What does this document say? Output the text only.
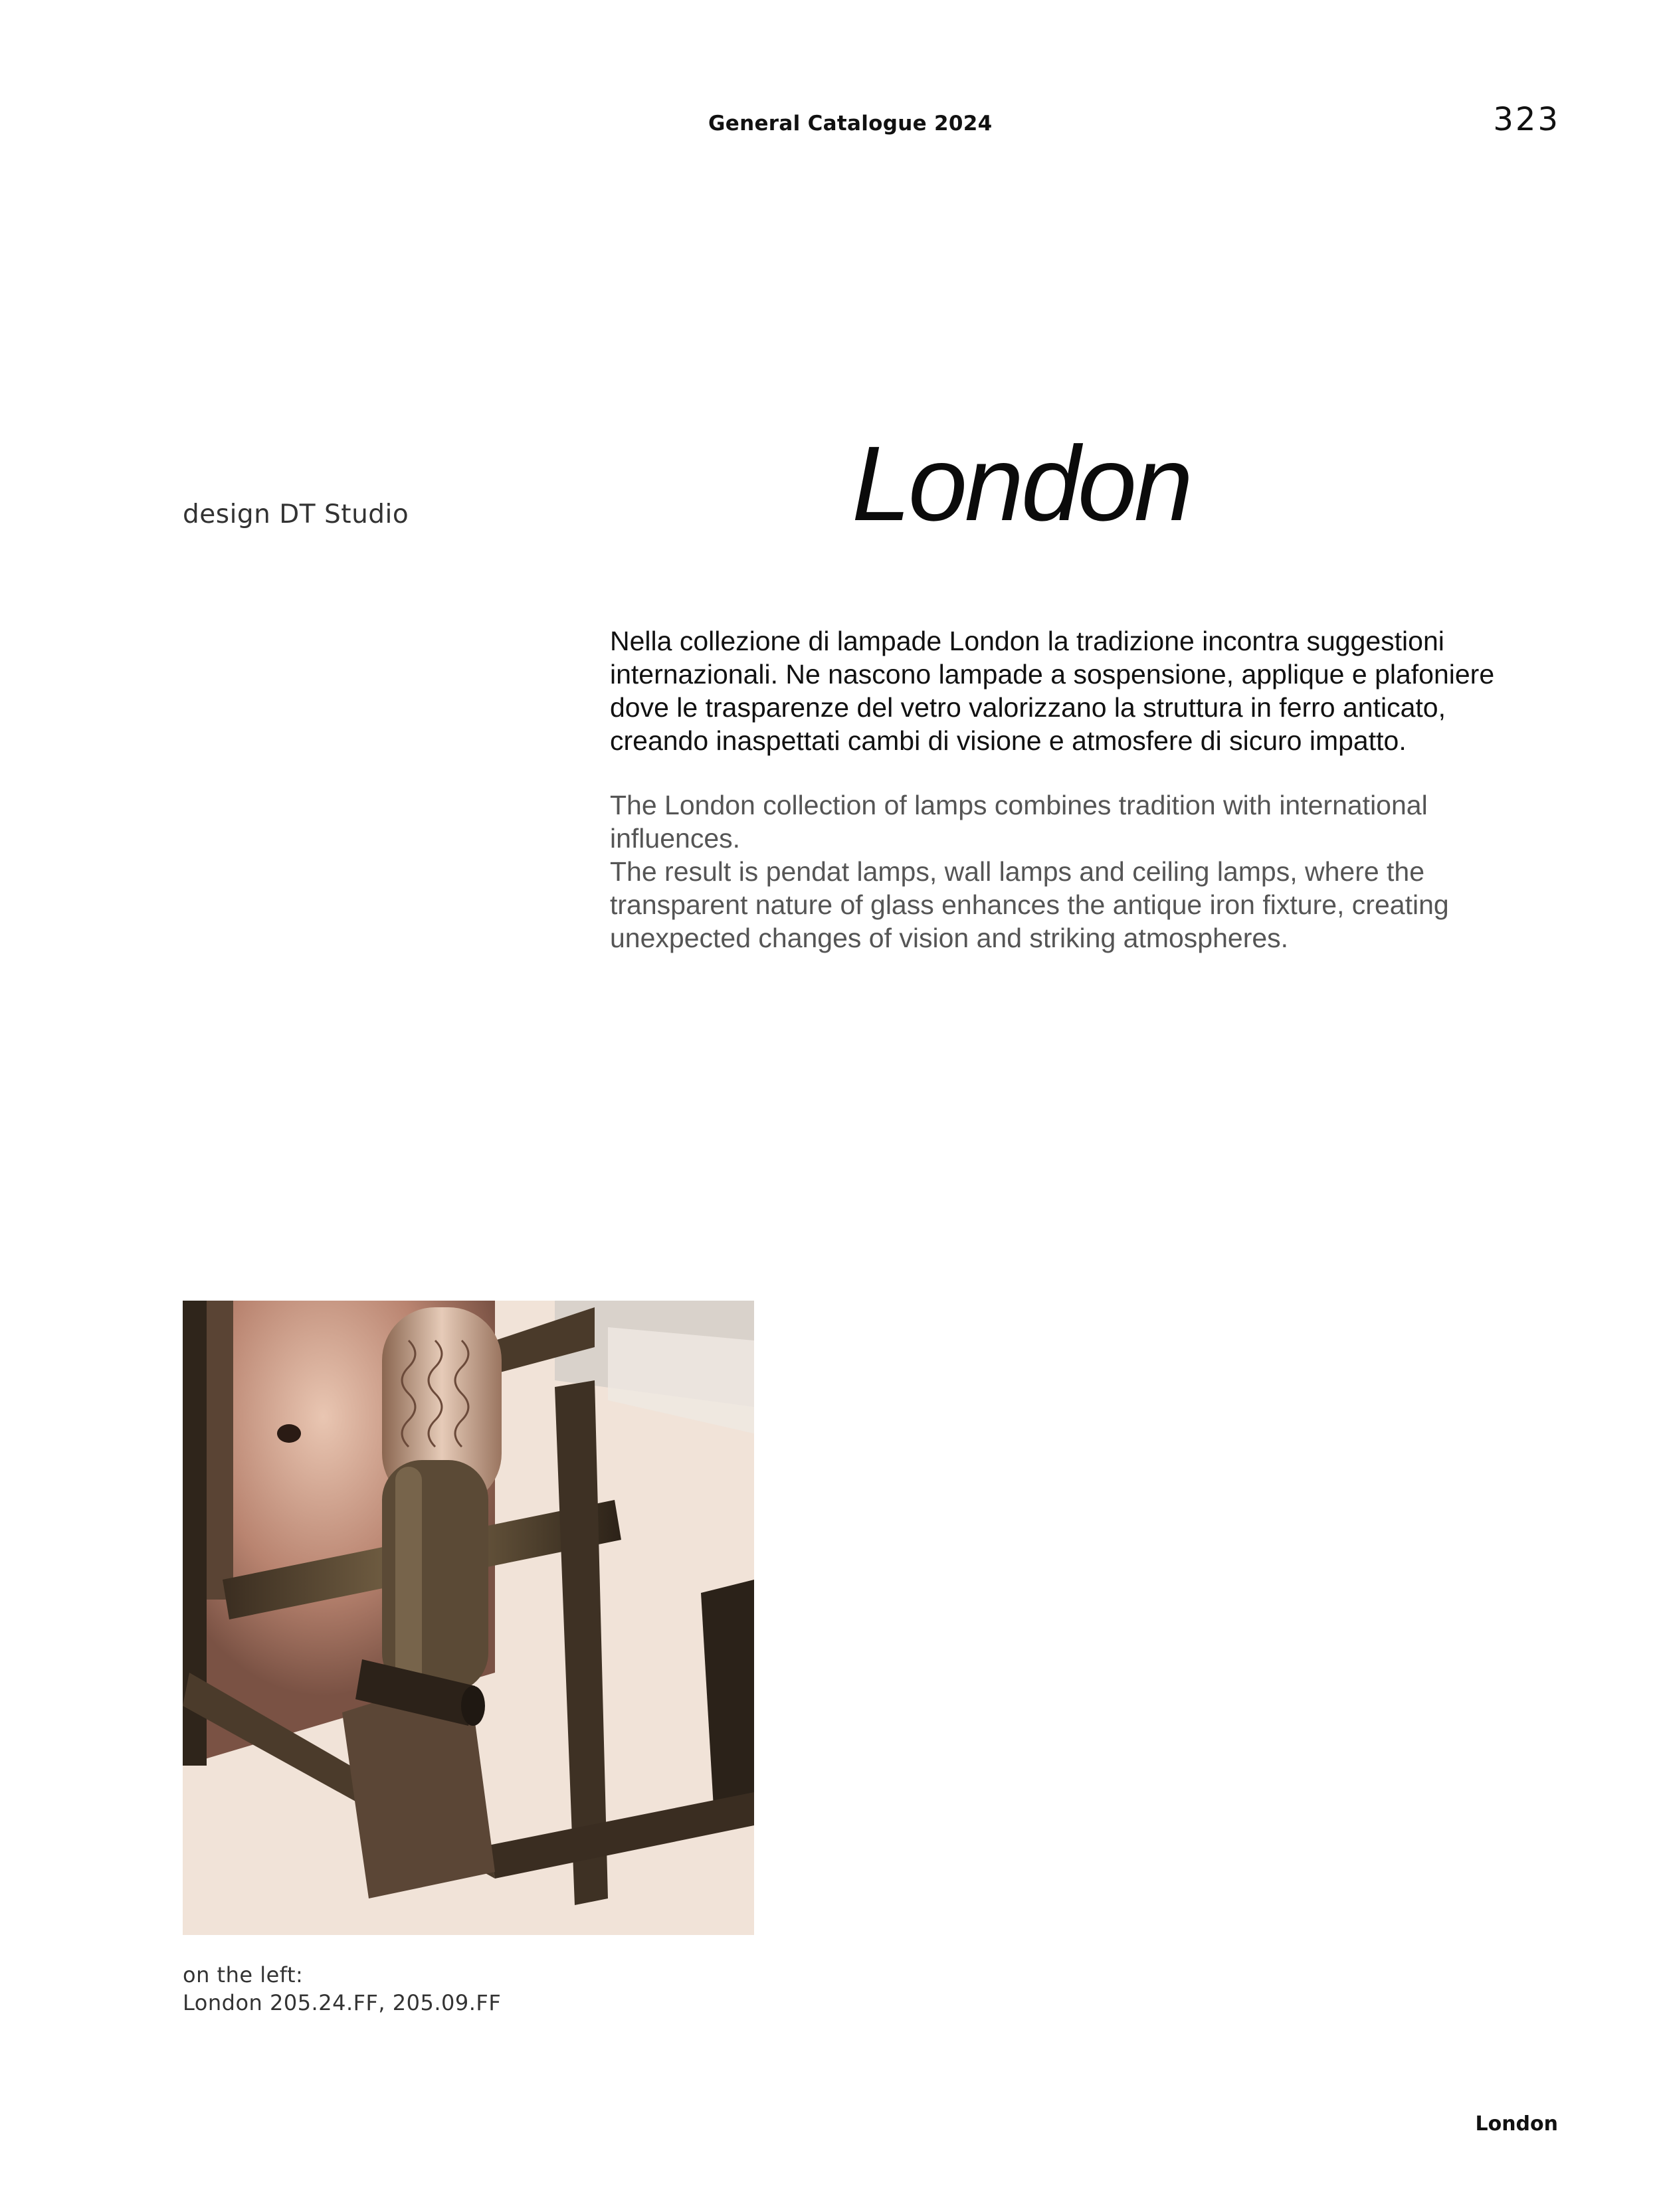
General Catalogue 2024	323
design DT Studio	London
Nella collezione di lampade London la tradizione incontra suggestioni internazionali. Ne nascono lampade a sospensione, applique e plafoniere dove le trasparenze del vetro valorizzano la struttura in ferro anticato, creando inaspettati cambi di visione e atmosfere di sicuro impatto.

The London collection of lamps combines tradition with international influences.

The result is pendat lamps, wall lamps and ceiling lamps, where the transparent nature of glass enhances the antique iron fixture, creating unexpected changes of vision and striking atmospheres.

on the left:
London 205.24.FF, 205.09.FF
London
